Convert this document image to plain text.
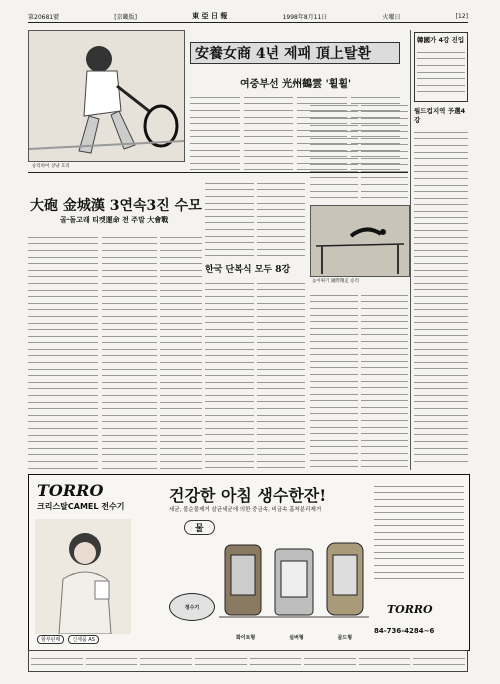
第20681號	[京畿版]	東 亞 日 報	1998年8月11日	火曜日	[12]
승리하여 상냥 흐리
安養女商 4년 제패 頂上탈환
여중부선 光州鶴雲 '휠휠'
韓國가 4강 진입
월드컵지역 予選4강
大砲 金城漢 3연속3진 수모
골·돌고래 티켓運命 전 주말 大會戰
한국 단복식 모두 8강
높이뛰기 國際翔走 승리
TORRO
크리스탈CAMEL 전수기
건강한 아침 생수한잔!
세균, 불순물제거 살균세균에 의한 중금속, 비금속 흡착분리제거
물
정수기
화이트형	실버형	골드형
TORRO
84-736-4284~6
할부판매	신제품 AS
